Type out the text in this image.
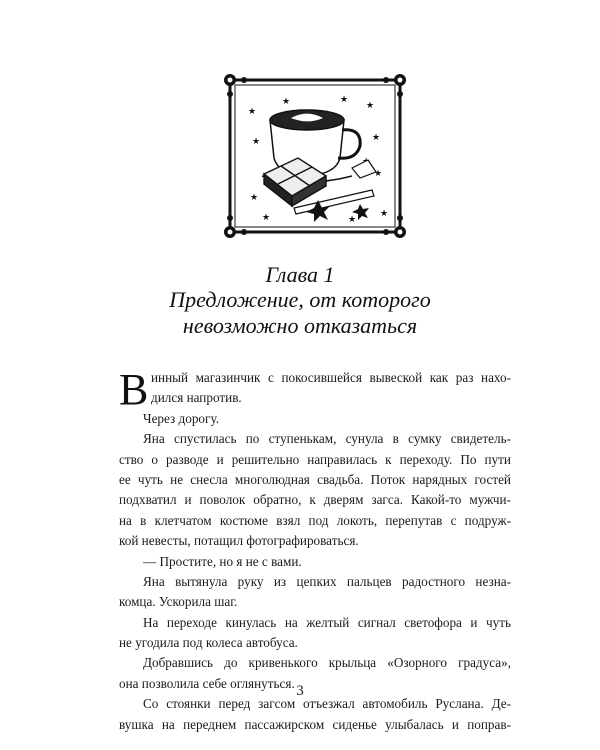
★
★
★	★
★
★
★	★
★	★
★
Глава 1
Предложение, от которого
невозможно отказаться
В инный магазинчик с покосившейся вывеской как раз нахо-
дился напротив.
Через дорогу.
Яна спустилась по ступенькам, сунула в сумку свидетель-
ство о разводе и решительно направилась к переходу. По пути
ее чуть не снесла многолюдная свадьба. Поток нарядных гостей
подхватил и поволок обратно, к дверям загса. Какой-то мужчи-
на в клетчатом костюме взял под локоть, перепутав с подруж-
кой невесты, потащил фотографироваться.
— Простите, но я не с вами.
Яна вытянула руку из цепких пальцев радостного незна-
комца. Ускорила шаг.
На переходе кинулась на желтый сигнал светофора и чуть
не угодила под колеса автобуса.
Добравшись до кривенького крыльца «Озорного градуса»,
она позволила себе оглянуться.
Со стоянки перед загсом отъезжал автомобиль Руслана. Де-
вушка на переднем пассажирском сиденье улыбалась и поправ-
3
